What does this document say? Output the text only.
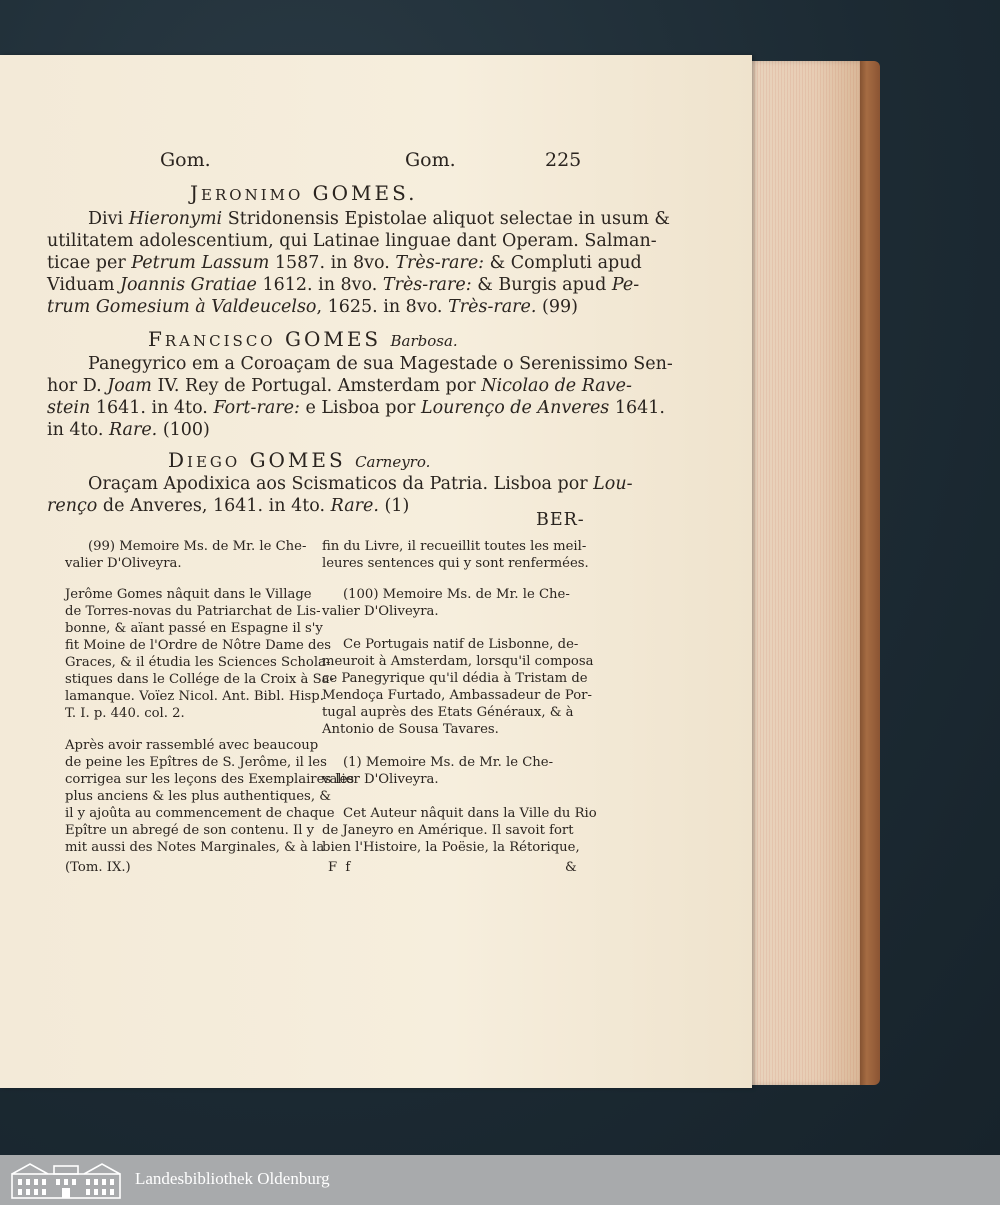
Gom.	Gom.	225
JERONIMO GOMES.
Divi Hieronymi Stridonensis Epistolae aliquot selectae in usum &
utilitatem adolescentium, qui Latinae linguae dant Operam. Salman-
ticae per Petrum Lassum 1587. in 8vo. Très-rare: & Compluti apud
Viduam Joannis Gratiae 1612. in 8vo. Très-rare: & Burgis apud Pe-
trum Gomesium à Valdeucelso, 1625. in 8vo. Très-rare. (99)
FRANCISCO GOMES Barbosa.
Panegyrico em a Coroaçam de sua Magestade o Serenissimo Sen-
hor D. Joam IV. Rey de Portugal. Amsterdam por Nicolao de Rave-
stein 1641. in 4to. Fort-rare: e Lisboa por Lourenço de Anveres 1641.
in 4to. Rare. (100)
DIEGO GOMES Carneyro.
Oraçam Apodixica aos Scismaticos da Patria. Lisboa por Lou-
renço de Anveres, 1641. in 4to. Rare. (1)
BER-
(99) Memoire Ms. de Mr. le Che-
valier D'Oliveyra.
Jerôme Gomes nâquit dans le Village
de Torres-novas du Patriarchat de Lis-
bonne, & aïant passé en Espagne il s'y
fit Moine de l'Ordre de Nôtre Dame des
Graces, & il étudia les Sciences Schola-
stiques dans le Collége de la Croix à Sa-
lamanque. Voïez Nicol. Ant. Bibl. Hisp.
T. I. p. 440. col. 2.
Après avoir rassemblé avec beaucoup
de peine les Epîtres de S. Jerôme, il les
corrigea sur les leçons des Exemplaires les
plus anciens & les plus authentiques, &
il y ajoûta au commencement de chaque
Epître un abregé de son contenu. Il y
mit aussi des Notes Marginales, & à la
fin du Livre, il recueillit toutes les meil-
leures sentences qui y sont renfermées.
(100) Memoire Ms. de Mr. le Che-
valier D'Oliveyra.
Ce Portugais natif de Lisbonne, de-
meuroit à Amsterdam, lorsqu'il composa
ce Panegyrique qu'il dédia à Tristam de
Mendoça Furtado, Ambassadeur de Por-
tugal auprès des Etats Généraux, & à
Antonio de Sousa Tavares.
(1) Memoire Ms. de Mr. le Che-
valier D'Oliveyra.
Cet Auteur nâquit dans la Ville du Rio
de Janeyro en Amérique. Il savoit fort
bien l'Histoire, la Poësie, la Rétorique,
(Tom. IX.)	F f	&
Landesbibliothek Oldenburg
